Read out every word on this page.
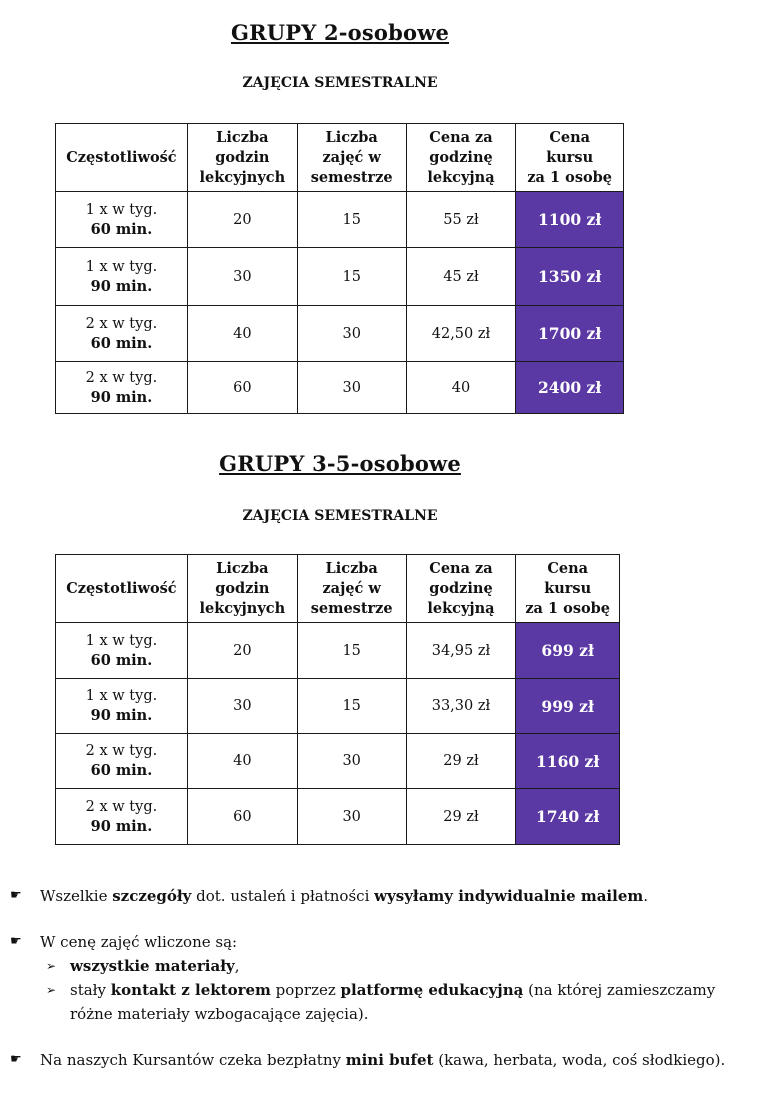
GRUPY 2-osobowe
ZAJĘCIA SEMESTRALNE
Częstotliwość	Liczba
godzin
lekcyjnych	Liczba
zajęć w
semestrze	Cena za
godzinę
lekcyjną	Cena
kursu
za 1 osobę

1 x w tyg.
60 min.	20	15	55 zł	1100 zł

1 x w tyg.
90 min.	30	15	45 zł	1350 zł

2 x w tyg.
60 min.	40	30	42,50 zł	1700 zł

2 x w tyg.
90 min.	60	30	40	2400 zł
GRUPY 3-5-osobowe
ZAJĘCIA SEMESTRALNE
Częstotliwość	Liczba
godzin
lekcyjnych	Liczba
zajęć w
semestrze	Cena za
godzinę
lekcyjną	Cena
kursu
za 1 osobę

1 x w tyg.
60 min.	20	15	34,95 zł	699 zł

1 x w tyg.
90 min.	30	15	33,30 zł	999 zł

2 x w tyg.
60 min.	40	30	29 zł	1160 zł

2 x w tyg.
90 min.	60	30	29 zł	1740 zł

☛ Wszelkie szczegóły dot. ustaleń i płatności wysyłamy indywidualnie mailem.

☛ W cenę zajęć wliczone są:

➢ wszystkie materiały,

➢ stały kontakt z lektorem poprzez platformę edukacyjną (na której zamieszczamy różne materiały wzbogacające zajęcia).

☛ Na naszych Kursantów czeka bezpłatny mini bufet (kawa, herbata, woda, coś słodkiego).
